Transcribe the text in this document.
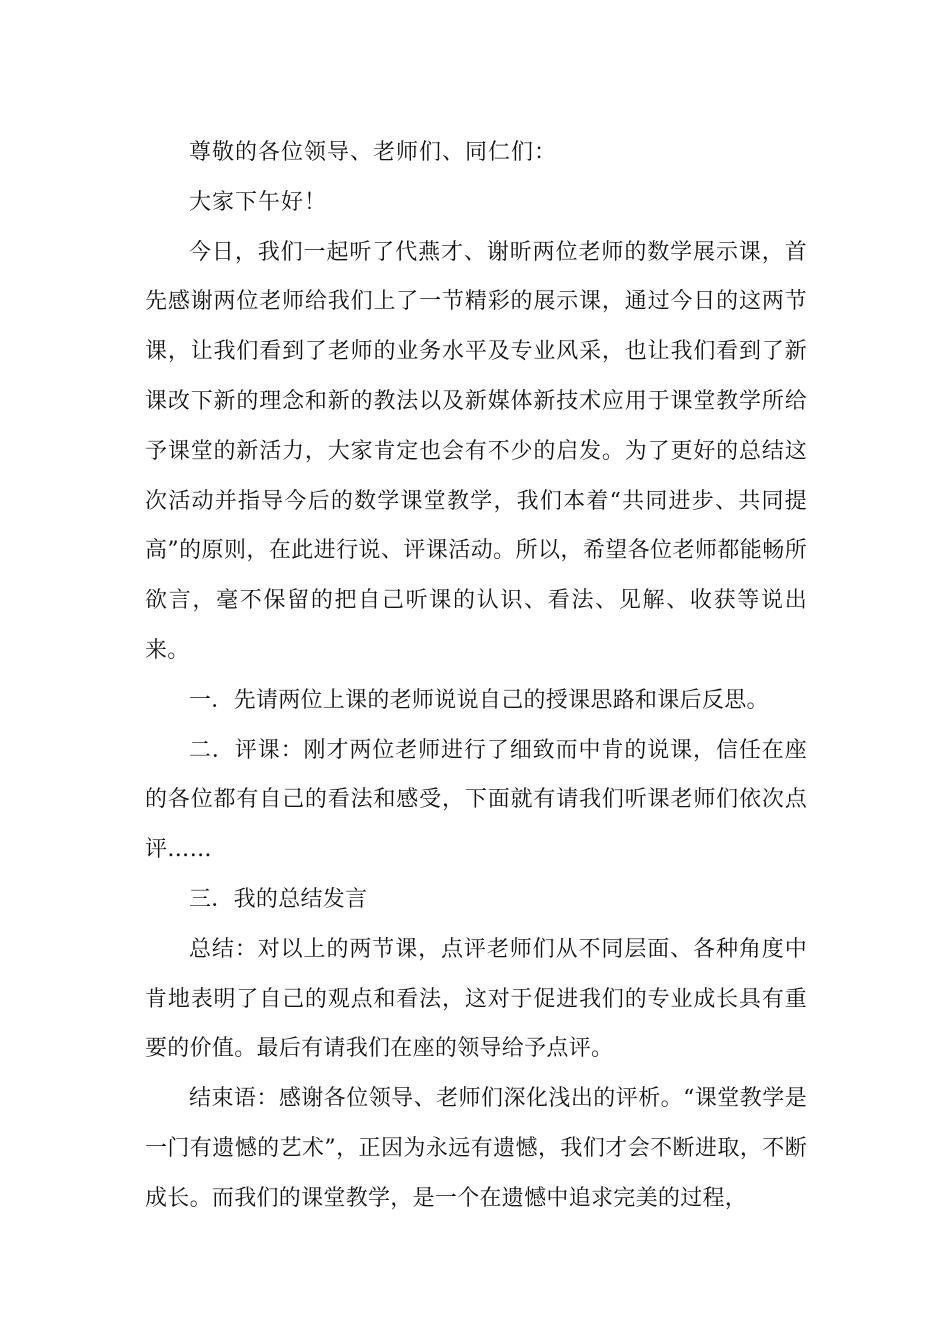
尊敬的各位领导、老师们、同仁们：

大家下午好！

今日，我们一起听了代燕才、谢昕两位老师的数学展示课，首先感谢两位老师给我们上了一节精彩的展示课，通过今日的这两节课，让我们看到了老师的业务水平及专业风采，也让我们看到了新课改下新的理念和新的教法以及新媒体新技术应用于课堂教学所给予课堂的新活力，大家肯定也会有不少的启发。为了更好的总结这次活动并指导今后的数学课堂教学，我们本着“共同进步、共同提高”的原则，在此进行说、评课活动。所以，希望各位老师都能畅所欲言，毫不保留的把自己听课的认识、看法、见解、收获等说出来。

一．先请两位上课的老师说说自己的授课思路和课后反思。

二．评课：刚才两位老师进行了细致而中肯的说课，信任在座的各位都有自己的看法和感受，下面就有请我们听课老师们依次点评……

三．我的总结发言

总结：对以上的两节课，点评老师们从不同层面、各种角度中肯地表明了自己的观点和看法，这对于促进我们的专业成长具有重要的价值。最后有请我们在座的领导给予点评。

结束语：感谢各位领导、老师们深化浅出的评析。“课堂教学是一门有遗憾的艺术”，正因为永远有遗憾，我们才会不断进取，不断成长。而我们的课堂教学，是一个在遗憾中追求完美的过程，
